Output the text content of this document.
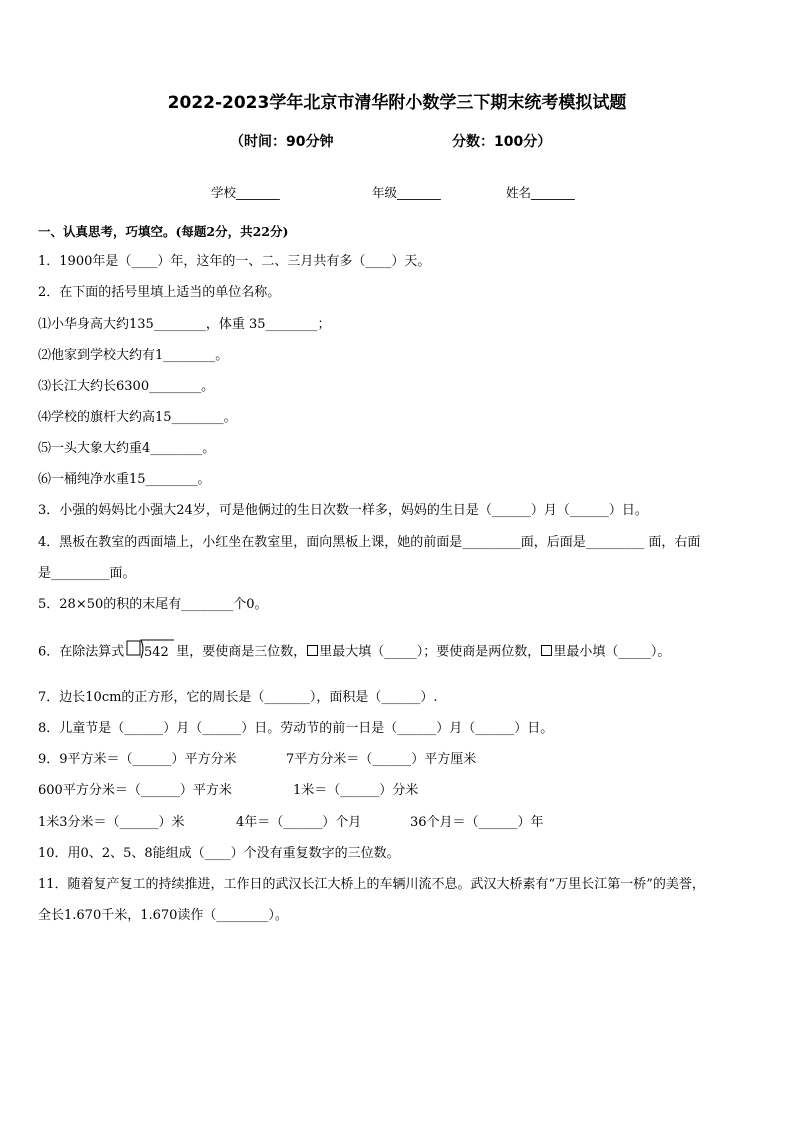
2022-2023学年北京市清华附小数学三下期末统考模拟试题
（时间：90分钟	分数：100分）
学校_______	年级_______	姓名_______
一、认真思考，巧填空。(每题2分，共22分)
1．1900年是（____）年，这年的一、二、三月共有多（____）天。
2．在下面的括号里填上适当的单位名称。
⑴小华身高大约135________，体重 35________；
⑵他家到学校大约有1________。
⑶长江大约长6300________。
⑷学校的旗杆大约高15________。
⑸一头大象大约重4________。
⑹一桶纯净水重15________。
3．小强的妈妈比小强大24岁，可是他俩过的生日次数一样多，妈妈的生日是（______）月（______）日。
4．黑板在教室的西面墙上，小红坐在教室里，面向黑板上课，她的前面是_________面，后面是_________ 面，右面
是_________面。
5．28×50的积的末尾有________个0。
6．在除法算式 542 里，要使商是三位数， 里最大填（_____）；要使商是两位数， 里最小填（_____）。
7．边长10cm的正方形，它的周长是（_______），面积是（______）.
8．儿童节是（______）月（______）日。劳动节的前一日是（______）月（______）日。
9．9平方米＝（______）平方分米	7平方分米＝（______）平方厘米
600平方分米＝（______）平方米	1米＝（______）分米
1米3分米＝（______）米	4年＝（______）个月	36个月＝（______）年
10．用0、2、5、8能组成（____）个没有重复数字的三位数。
11．随着复产复工的持续推进，工作日的武汉长江大桥上的车辆川流不息。武汉大桥素有“万里长江第一桥”的美誉，
全长1.670千米，1.670读作（________）。
